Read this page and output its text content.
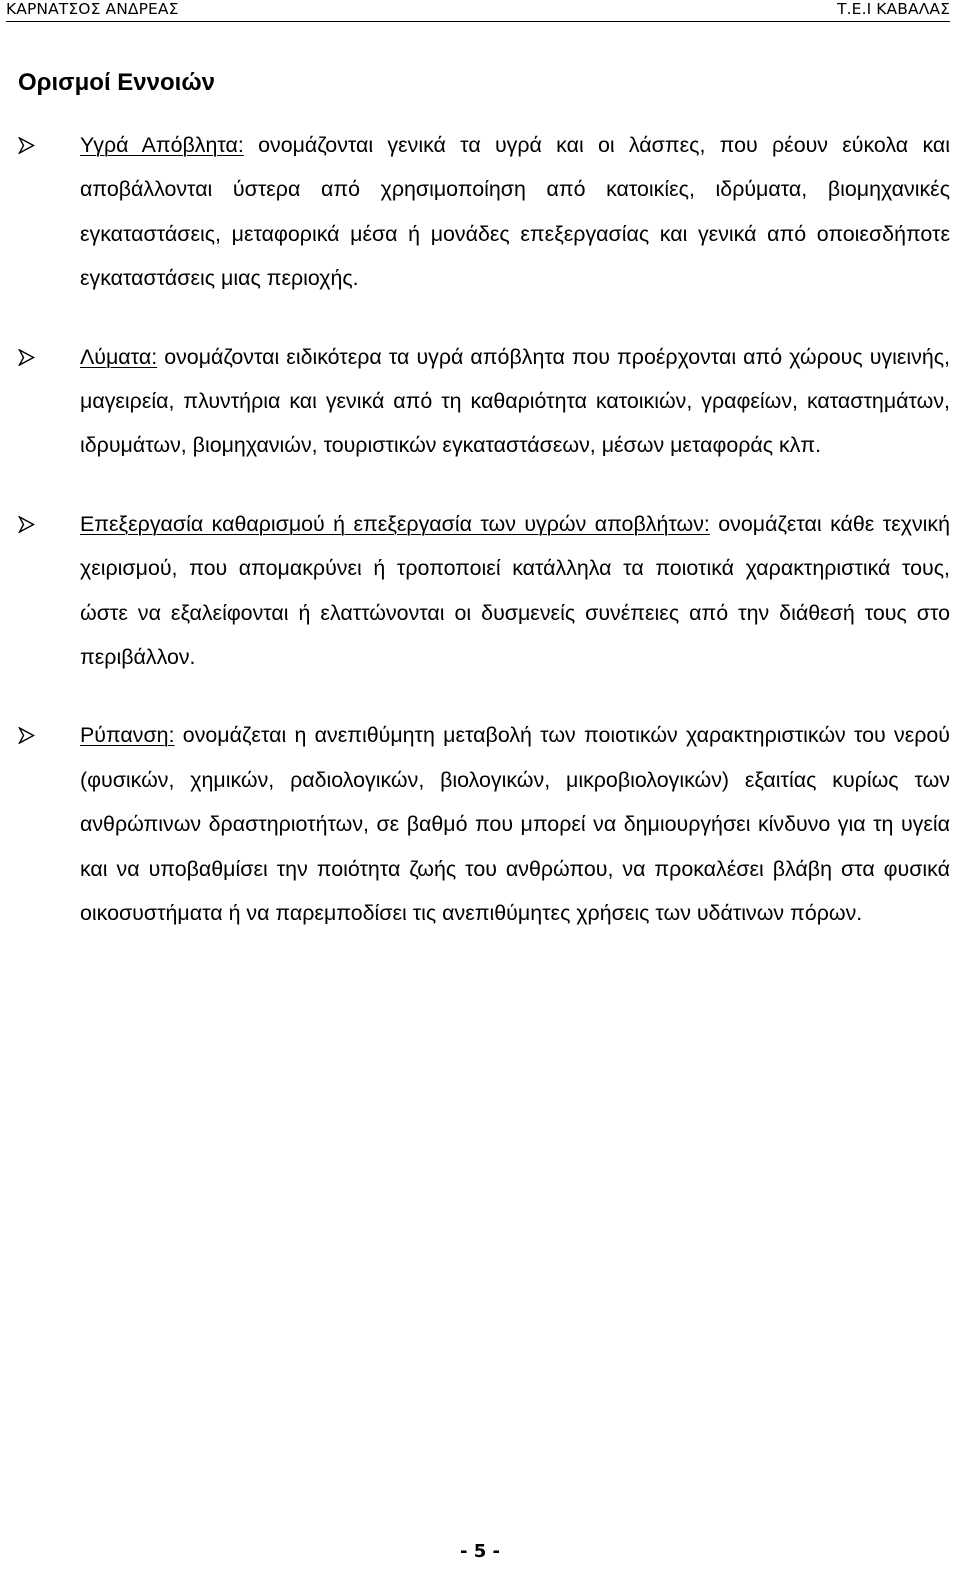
ΚΑΡΝΑΤΣΟΣ ΑΝΔΡΕΑΣ	Τ.Ε.Ι ΚΑΒΑΛΑΣ
Ορισμοί Εννοιών
Υγρά Απόβλητα: ονομάζονται γενικά τα υγρά και οι λάσπες, που ρέουν εύκολα και αποβάλλονται ύστερα από χρησιμοποίηση από κατοικίες, ιδρύματα, βιομηχανικές εγκαταστάσεις, μεταφορικά μέσα ή μονάδες επεξεργασίας και γενικά από οποιεσδήποτε εγκαταστάσεις μιας περιοχής.
Λύματα: ονομάζονται ειδικότερα τα υγρά απόβλητα που προέρχονται από χώρους υγιεινής, μαγειρεία, πλυντήρια και γενικά από τη καθαριότητα κατοικιών, γραφείων, καταστημάτων, ιδρυμάτων, βιομηχανιών, τουριστικών εγκαταστάσεων, μέσων μεταφοράς κλπ.
Επεξεργασία καθαρισμού ή επεξεργασία των υγρών αποβλήτων: ονομάζεται κάθε τεχνική χειρισμού, που απομακρύνει ή τροποποιεί κατάλληλα τα ποιοτικά χαρακτηριστικά τους, ώστε να εξαλείφονται ή ελαττώνονται οι δυσμενείς συνέπειες από την διάθεσή τους στο περιβάλλον.
Ρύπανση: ονομάζεται η ανεπιθύμητη μεταβολή των ποιοτικών χαρακτηριστικών του νερού (φυσικών, χημικών, ραδιολογικών, βιολογικών, μικροβιολογικών) εξαιτίας κυρίως των ανθρώπινων δραστηριοτήτων, σε βαθμό που μπορεί να δημιουργήσει κίνδυνο για τη υγεία και να υποβαθμίσει την ποιότητα ζωής του ανθρώπου, να προκαλέσει βλάβη στα φυσικά οικοσυστήματα ή να παρεμποδίσει τις ανεπιθύμητες χρήσεις των υδάτινων πόρων.
- 5 -
